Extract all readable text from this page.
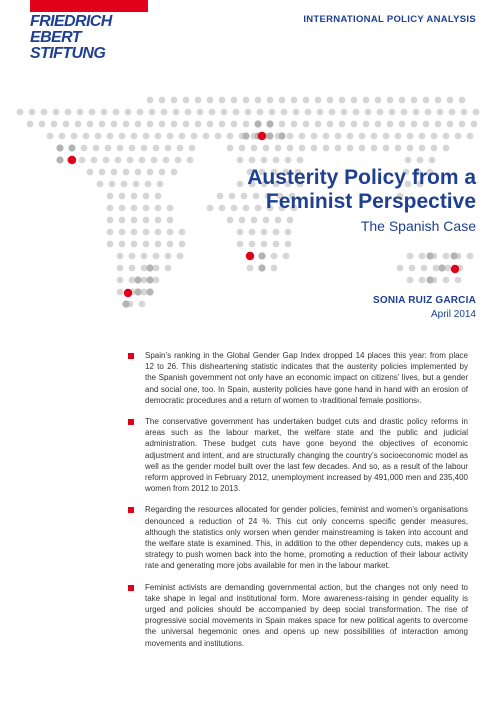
FRIEDRICH
EBERT
STIFTUNG
INTERNATIONAL POLICY ANALYSIS
Austerity Policy from a
Feminist Perspective
The Spanish Case
SONIA RUIZ GARCIA
April 2014
Spain’s ranking in the Global Gender Gap Index dropped 14 places this year: from place 12 to 26. This disheartening statistic indicates that the austerity policies implemented by the Spanish government not only have an economic impact on citizens’ lives, but a gender and social one, too. In Spain, austerity policies have gone hand in hand with an erosion of democratic procedures and a return of women to ›traditional female positions‹.
The conservative government has undertaken budget cuts and drastic policy reforms in areas such as the labour market, the welfare state and the public and judicial administration. These budget cuts have gone beyond the objectives of economic adjustment and intent, and are structurally changing the country’s socioeconomic model as well as the gender model built over the last few decades. And so, as a result of the labour reform approved in February 2012, unemployment increased by 491,000 men and 235,400 women from 2012 to 2013.
Regarding the resources allocated for gender policies, feminist and women’s organisations denounced a reduction of 24 %. This cut only concerns specific gender measures, although the statistics only worsen when gender mainstreaming is taken into account and the welfare state is examined. This, in addition to the other dependency cuts, makes up a strategy to push women back into the home, promoting a reduction of their labour activity rate and generating more jobs available for men in the labour market.
Feminist activists are demanding governmental action, but the changes not only need to take shape in legal and institutional form. More awareness-raising in gender equality is urged and policies should be accompanied by deep social transformation. The rise of progressive social movements in Spain makes space for new political agents to overcome the universal hegemonic ones and opens up new possibilities of interaction among movements and institutions.
